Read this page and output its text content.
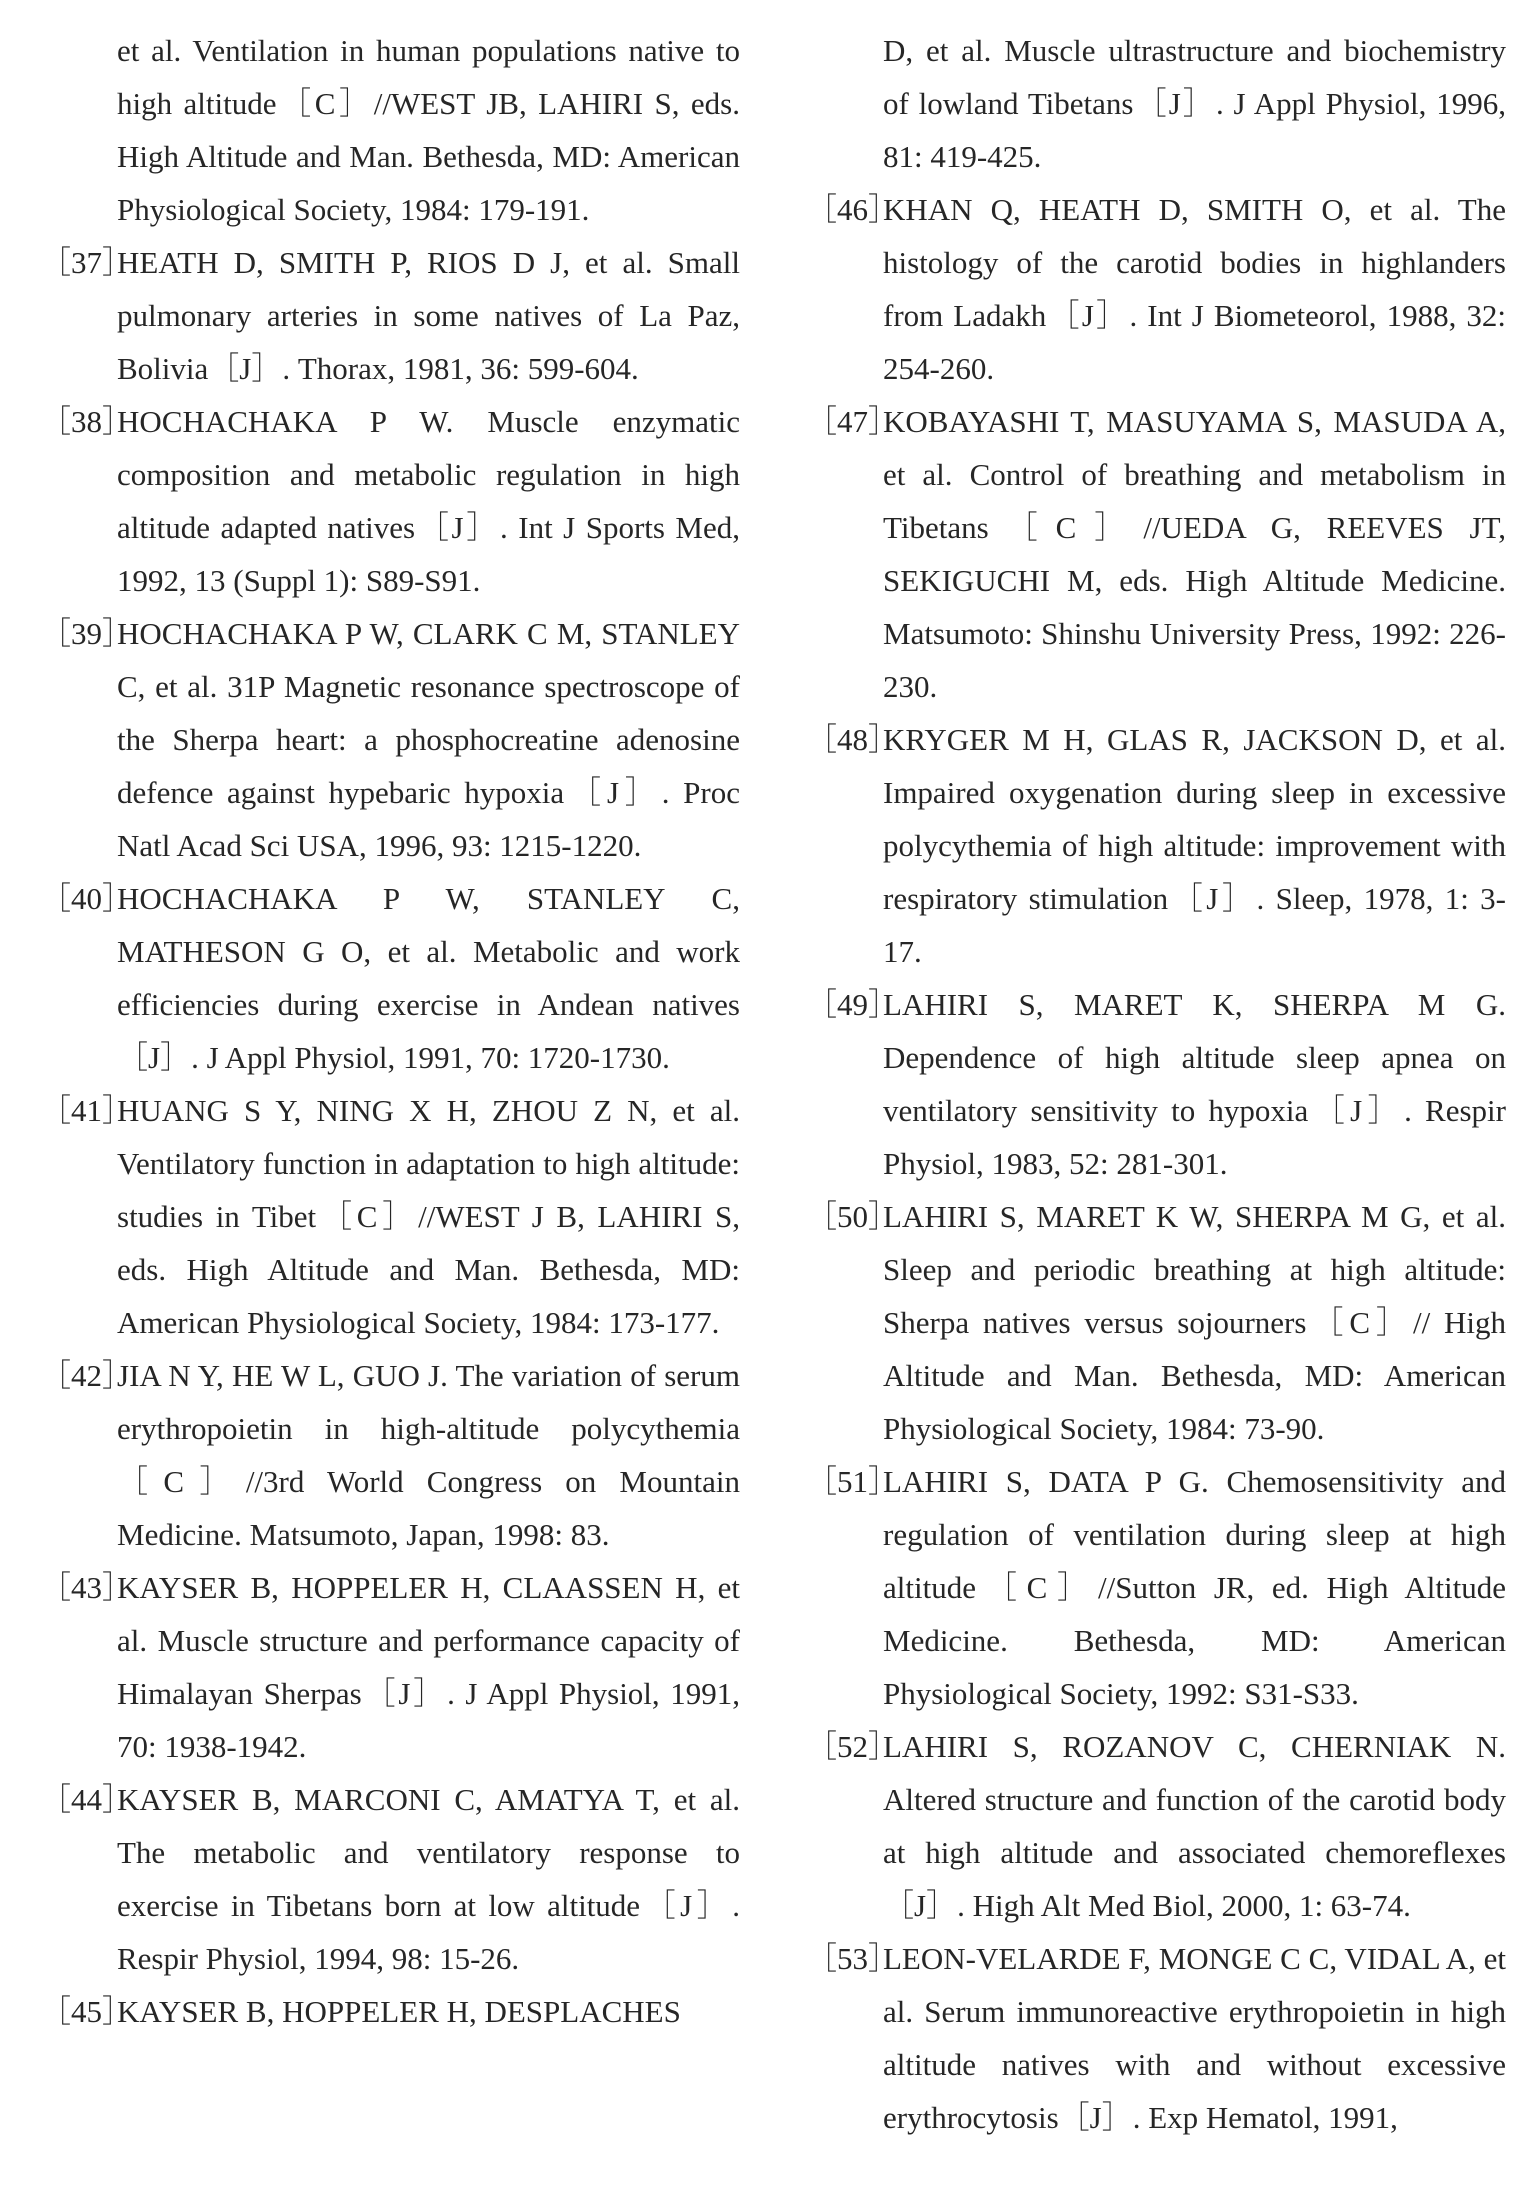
et al. Ventilation in human populations native to high altitude［C］//WEST JB, LAHIRI S, eds. High Altitude and Man. Bethesda, MD: American Physiological Society, 1984: 179-191.
［37］
HEATH D, SMITH P, RIOS D J, et al. Small pulmonary arteries in some natives of La Paz, Bolivia［J］. Thorax, 1981, 36: 599-604.
［38］
HOCHACHAKA P W. Muscle enzymatic composition and metabolic regulation in high altitude adapted natives［J］. Int J Sports Med, 1992, 13 (Suppl 1): S89-S91.
［39］
HOCHACHAKA P W, CLARK C M, STANLEY C, et al. 31P Magnetic resonance spectroscope of the Sherpa heart: a phosphocreatine adenosine defence against hypebaric hypoxia［J］. Proc Natl Acad Sci USA, 1996, 93: 1215-1220.
［40］
HOCHACHAKA P W, STANLEY C, MATHESON G O, et al. Metabolic and work efficiencies during exercise in Andean natives［J］. J Appl Physiol, 1991, 70: 1720-1730.
［41］
HUANG S Y, NING X H, ZHOU Z N, et al. Ventilatory function in adaptation to high altitude: studies in Tibet［C］//WEST J B, LAHIRI S, eds. High Altitude and Man. Bethesda, MD: American Physiological Society, 1984: 173-177.
［42］
JIA N Y, HE W L, GUO J. The variation of serum erythropoietin in high-altitude polycythemia［C］//3rd World Congress on Mountain Medicine. Matsumoto, Japan, 1998: 83.
［43］
KAYSER B, HOPPELER H, CLAASSEN H, et al. Muscle structure and performance capacity of Himalayan Sherpas［J］. J Appl Physiol, 1991, 70: 1938-1942.
［44］
KAYSER B, MARCONI C, AMATYA T, et al. The metabolic and ventilatory response to exercise in Tibetans born at low altitude［J］. Respir Physiol, 1994, 98: 15-26.
［45］
KAYSER B, HOPPELER H, DESPLACHES
D, et al. Muscle ultrastructure and biochemistry of lowland Tibetans［J］. J Appl Physiol, 1996, 81: 419-425.
［46］
KHAN Q, HEATH D, SMITH O, et al. The histology of the carotid bodies in highlanders from Ladakh［J］. Int J Biometeorol, 1988, 32: 254-260.
［47］
KOBAYASHI T, MASUYAMA S, MASUDA A, et al. Control of breathing and metabolism in Tibetans［C］//UEDA G, REEVES JT, SEKIGUCHI M, eds. High Altitude Medicine. Matsumoto: Shinshu University Press, 1992: 226-230.
［48］
KRYGER M H, GLAS R, JACKSON D, et al. Impaired oxygenation during sleep in excessive polycythemia of high altitude: improvement with respiratory stimulation［J］. Sleep, 1978, 1: 3-17.
［49］
LAHIRI S, MARET K, SHERPA M G. Dependence of high altitude sleep apnea on ventilatory sensitivity to hypoxia［J］. Respir Physiol, 1983, 52: 281-301.
［50］
LAHIRI S, MARET K W, SHERPA M G, et al. Sleep and periodic breathing at high altitude: Sherpa natives versus sojourners［C］// High Altitude and Man. Bethesda, MD: American Physiological Society, 1984: 73-90.
［51］
LAHIRI S, DATA P G. Chemosensitivity and regulation of ventilation during sleep at high altitude［C］//Sutton JR, ed. High Altitude Medicine. Bethesda, MD: American Physiological Society, 1992: S31-S33.
［52］
LAHIRI S, ROZANOV C, CHERNIAK N. Altered structure and function of the carotid body at high altitude and associated chemoreflexes［J］. High Alt Med Biol, 2000, 1: 63-74.
［53］
LEON-VELARDE F, MONGE C C, VIDAL A, et al. Serum immunoreactive erythropoietin in high altitude natives with and without excessive erythrocytosis［J］. Exp Hematol, 1991,
